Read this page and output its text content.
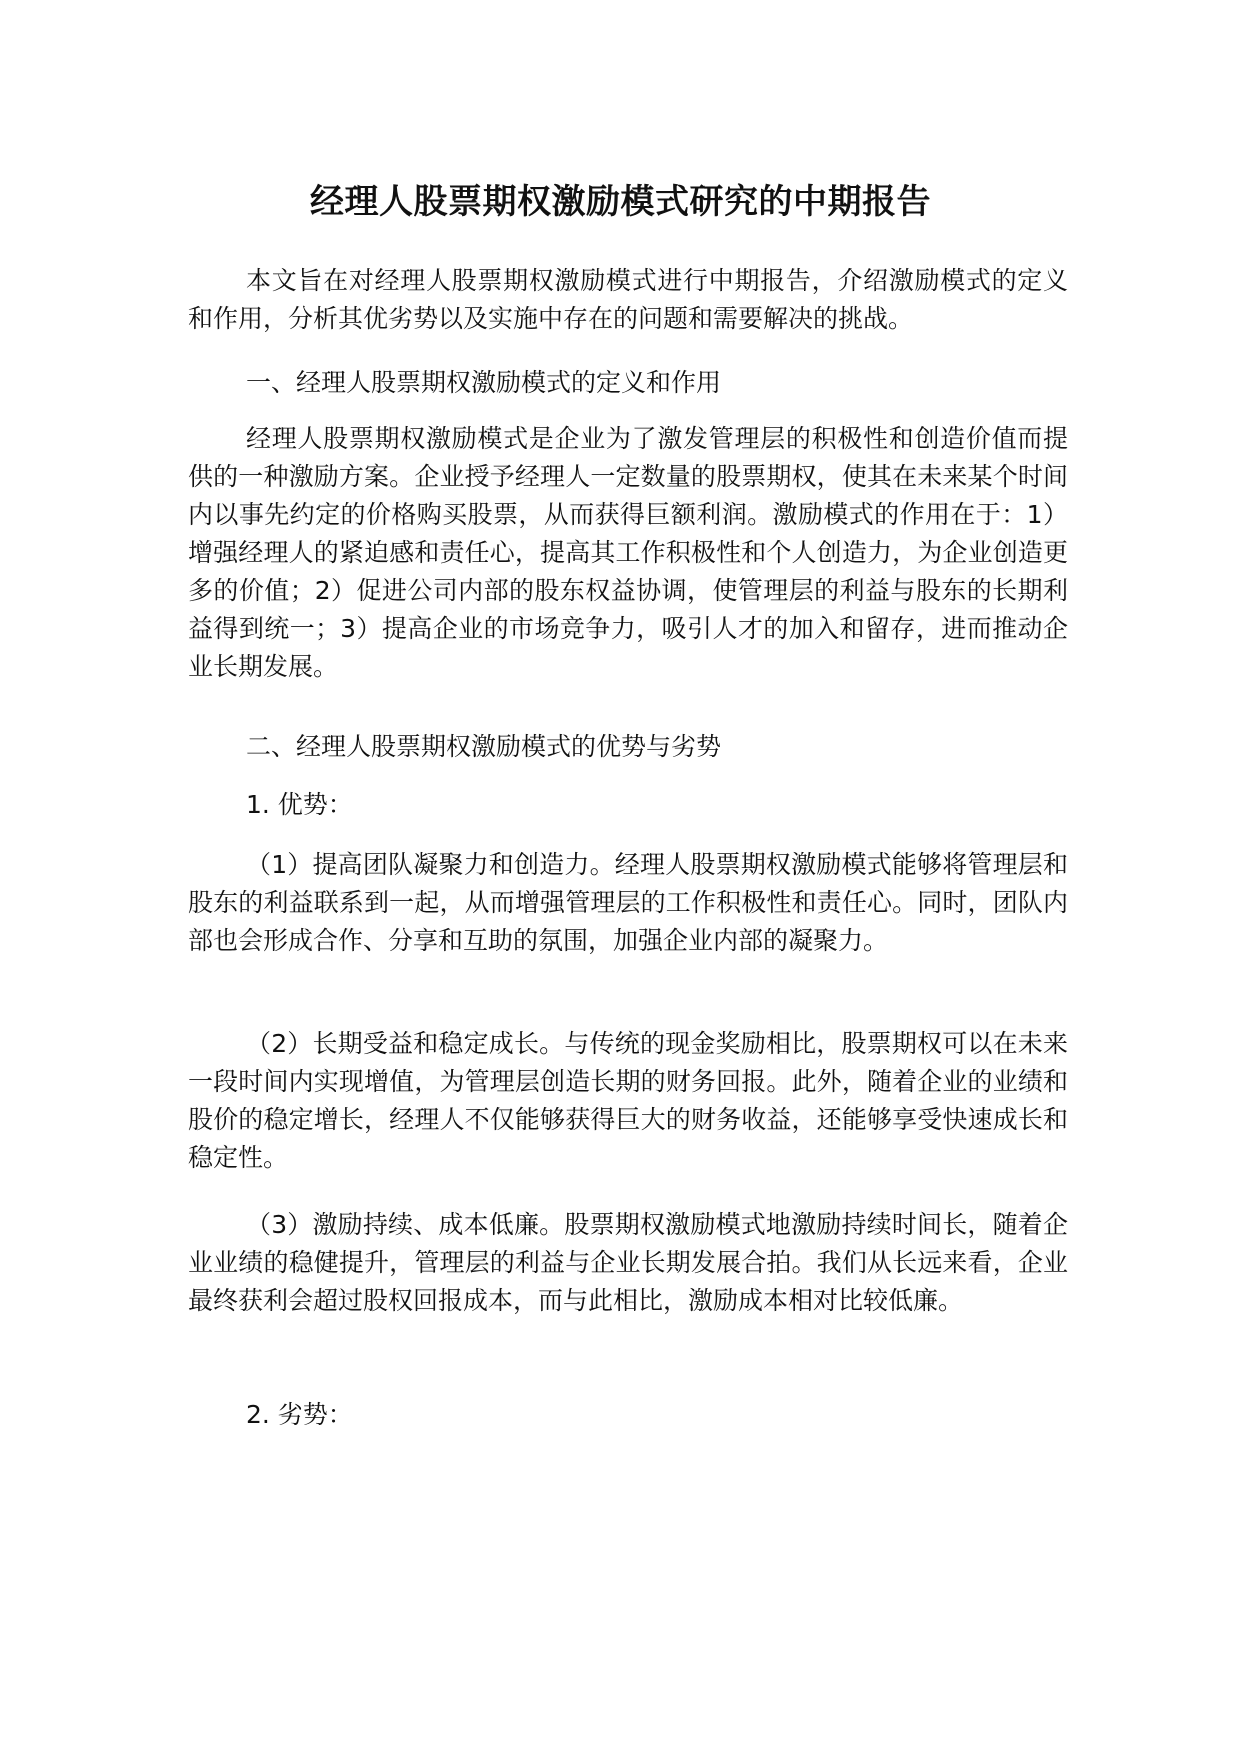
经理人股票期权激励模式研究的中期报告

本文旨在对经理人股票期权激励模式进行中期报告，介绍激励模式的定义和作用，分析其优劣势以及实施中存在的问题和需要解决的挑战。

一、经理人股票期权激励模式的定义和作用

经理人股票期权激励模式是企业为了激发管理层的积极性和创造价值而提供的一种激励方案。企业授予经理人一定数量的股票期权，使其在未来某个时间内以事先约定的价格购买股票，从而获得巨额利润。激励模式的作用在于：1）增强经理人的紧迫感和责任心，提高其工作积极性和个人创造力，为企业创造更多的价值；2）促进公司内部的股东权益协调，使管理层的利益与股东的长期利益得到统一；3）提高企业的市场竞争力，吸引人才的加入和留存，进而推动企业长期发展。

二、经理人股票期权激励模式的优势与劣势

1. 优势：

（1）提高团队凝聚力和创造力。经理人股票期权激励模式能够将管理层和股东的利益联系到一起，从而增强管理层的工作积极性和责任心。同时，团队内部也会形成合作、分享和互助的氛围，加强企业内部的凝聚力。

（2）长期受益和稳定成长。与传统的现金奖励相比，股票期权可以在未来一段时间内实现增值，为管理层创造长期的财务回报。此外，随着企业的业绩和股价的稳定增长，经理人不仅能够获得巨大的财务收益，还能够享受快速成长和稳定性。

（3）激励持续、成本低廉。股票期权激励模式地激励持续时间长，随着企业业绩的稳健提升，管理层的利益与企业长期发展合拍。我们从长远来看，企业最终获利会超过股权回报成本，而与此相比，激励成本相对比较低廉。

2. 劣势：
